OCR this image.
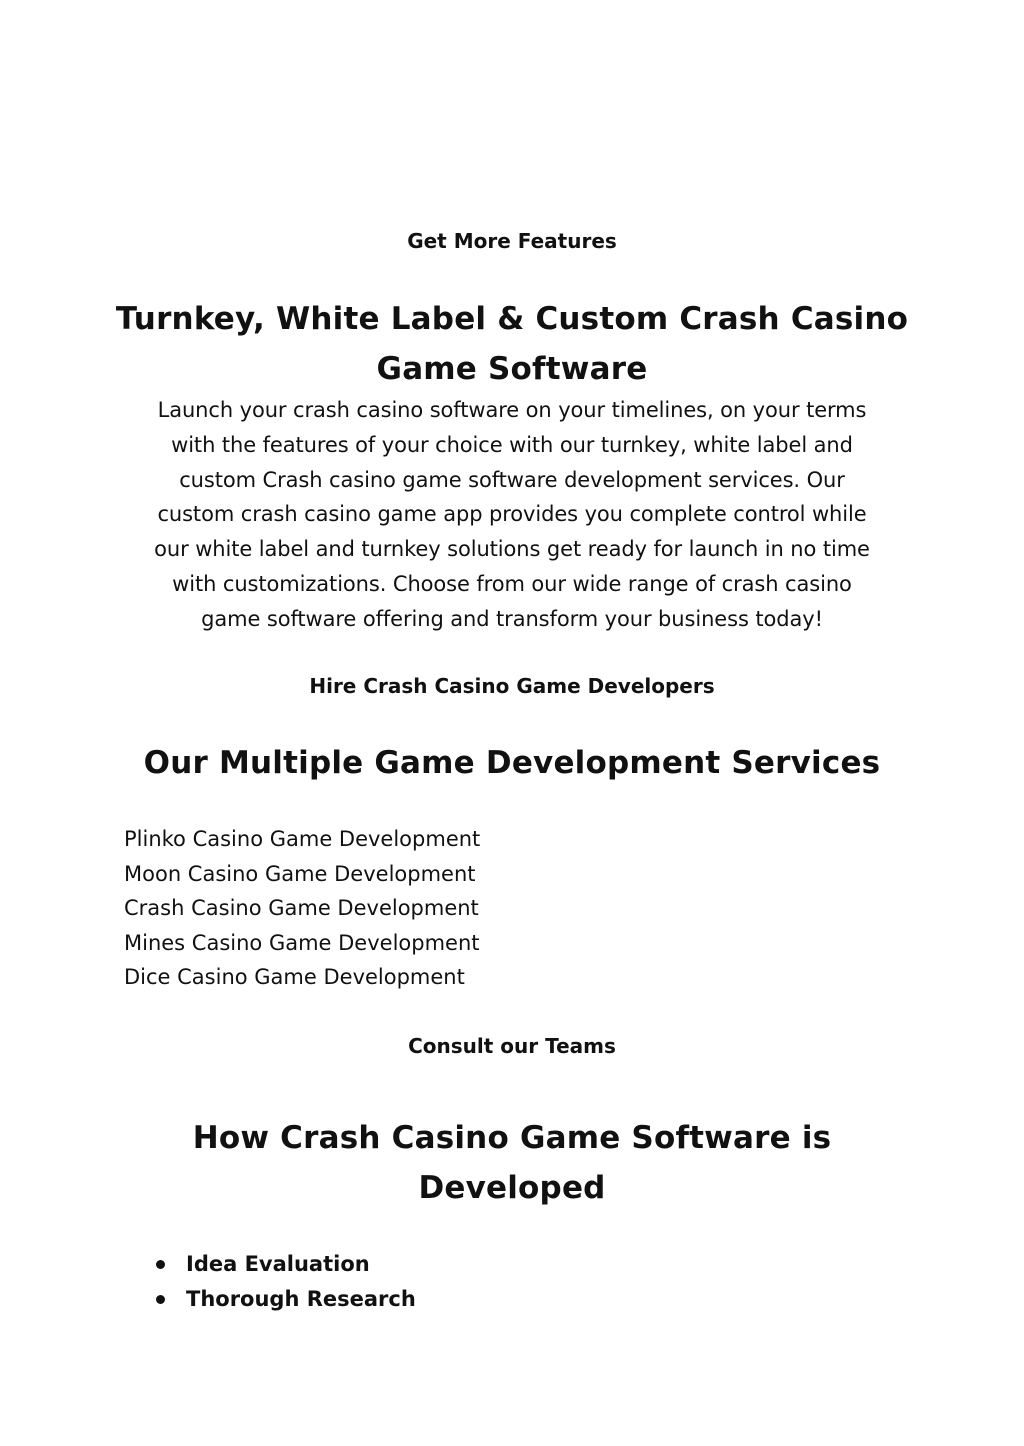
Get More Features
Turnkey, White Label & Custom Crash Casino
Game Software
Launch your crash casino software on your timelines, on your terms
with the features of your choice with our turnkey, white label and
custom Crash casino game software development services. Our
custom crash casino game app provides you complete control while
our white label and turnkey solutions get ready for launch in no time
with customizations. Choose from our wide range of crash casino
game software offering and transform your business today!
Hire Crash Casino Game Developers
Our Multiple Game Development Services
Plinko Casino Game Development
Moon Casino Game Development
Crash Casino Game Development
Mines Casino Game Development
Dice Casino Game Development
Consult our Teams
How Crash Casino Game Software is
Developed
Idea Evaluation
Thorough Research
